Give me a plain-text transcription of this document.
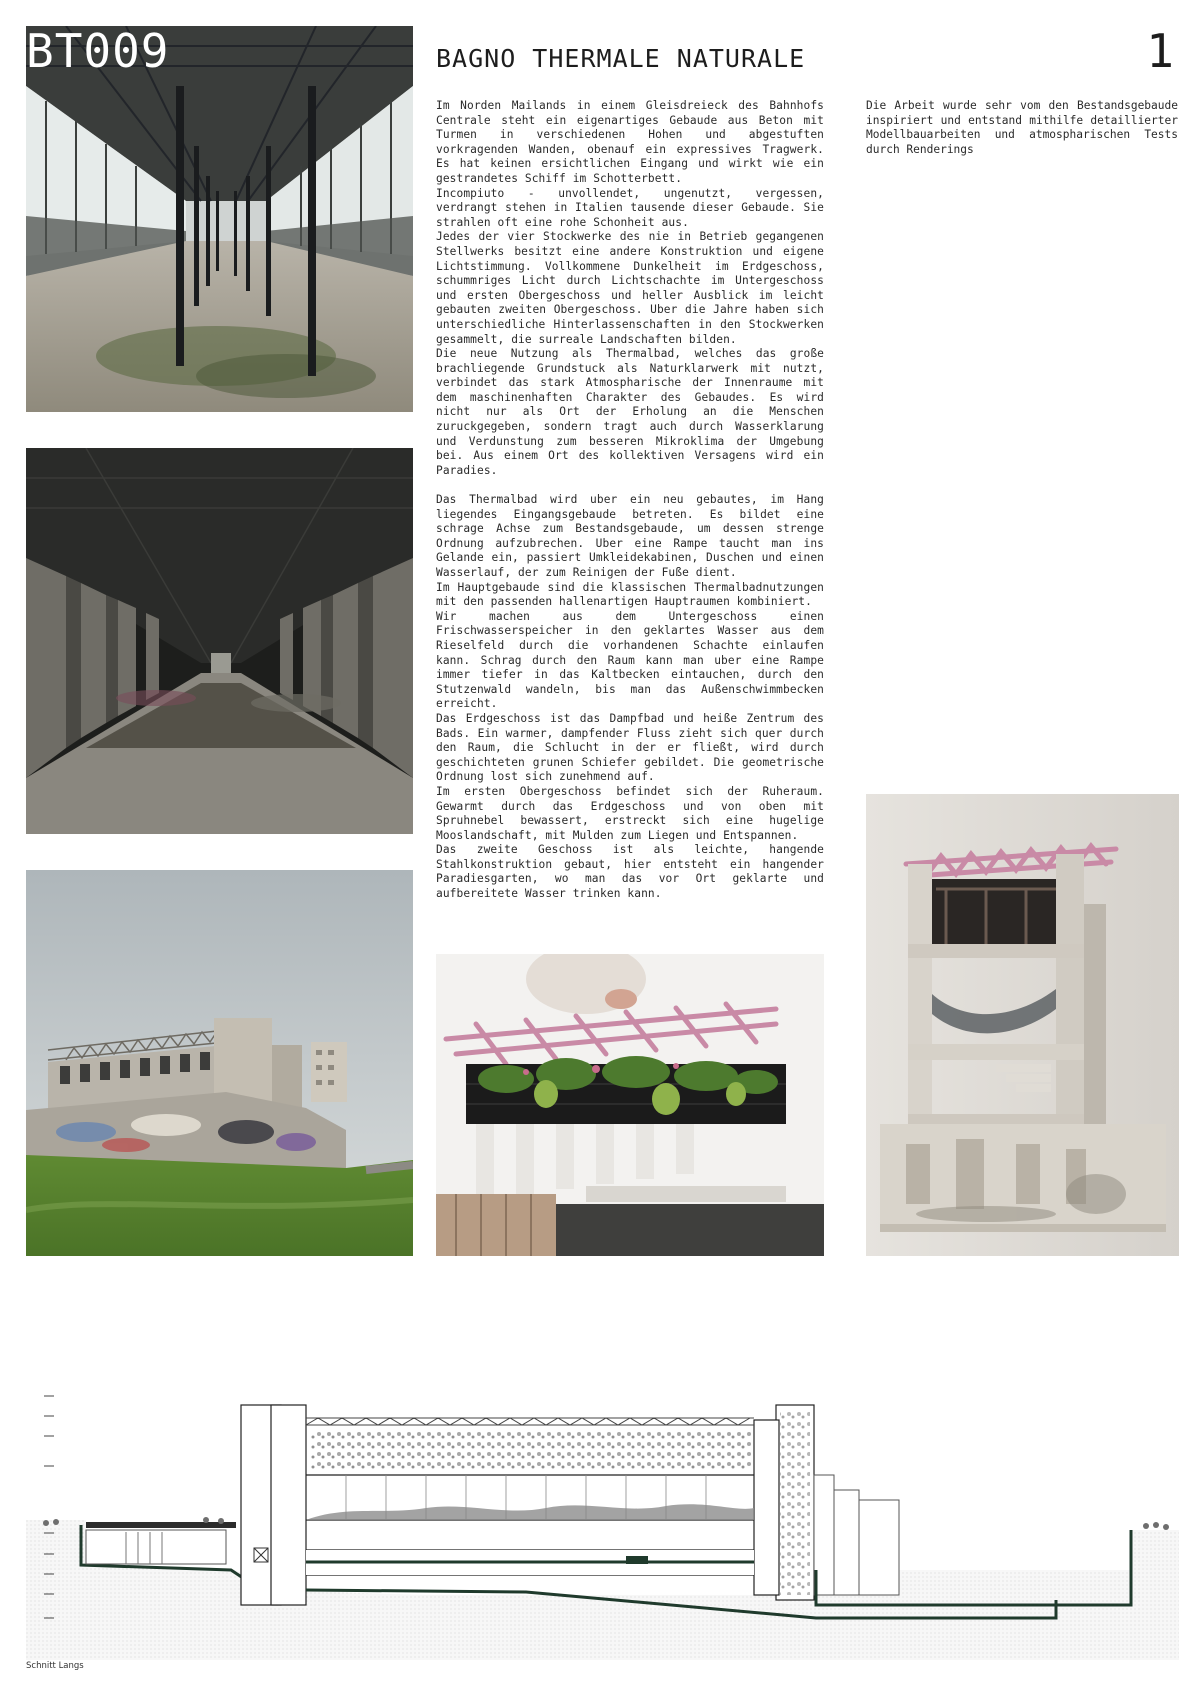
BT009	BAGNO THERMALE NATURALE	1

Im Norden Mailands in einem Gleisdreieck des Bahnhofs Centrale steht ein eigenartiges Gebaude aus Beton mit Turmen in verschiedenen Hohen und abgestuften vorkragenden Wanden, obenauf ein expressives Tragwerk. Es hat keinen ersichtlichen Eingang und wirkt wie ein gestrandetes Schiff im Schotterbett.

Incompiuto - unvollendet, ungenutzt, vergessen, verdrangt stehen in Italien tausende dieser Gebaude. Sie strahlen oft eine rohe Schonheit aus.

Jedes der vier Stockwerke des nie in Betrieb gegangenen Stellwerks besitzt eine andere Konstruktion und eigene Lichtstimmung. Vollkommene Dunkelheit im Erdgeschoss, schummriges Licht durch Lichtschachte im Untergeschoss und ersten Obergeschoss und heller Ausblick im leicht gebauten zweiten Obergeschoss. Uber die Jahre haben sich unterschiedliche Hinterlassenschaften in den Stockwerken gesammelt, die surreale Landschaften bilden.

Die neue Nutzung als Thermalbad, welches das große brachliegende Grundstuck als Naturklarwerk mit nutzt, verbindet das stark Atmospharische der Innenraume mit dem maschinenhaften Charakter des Gebaudes. Es wird nicht nur als Ort der Erholung an die Menschen zuruckgegeben, sondern tragt auch durch Wasserklarung und Verdunstung zum besseren Mikroklima der Umgebung bei. Aus einem Ort des kollektiven Versagens wird ein Paradies.

Das Thermalbad wird uber ein neu gebautes, im Hang liegendes Eingangsgebaude betreten. Es bildet eine schrage Achse zum Bestandsgebaude, um dessen strenge Ordnung aufzubrechen. Uber eine Rampe taucht man ins Gelande ein, passiert Umkleidekabinen, Duschen und einen Wasserlauf, der zum Reinigen der Fuße dient.

Im Hauptgebaude sind die klassischen Thermalbadnutzungen mit den passenden hallenartigen Hauptraumen kombiniert.

Wir machen aus dem Untergeschoss einen Frischwasserspeicher in den geklartes Wasser aus dem Rieselfeld durch die vorhandenen Schachte einlaufen kann. Schrag durch den Raum kann man uber eine Rampe immer tiefer in das Kaltbecken eintauchen, durch den Stutzenwald wandeln, bis man das Außenschwimmbecken erreicht.

Das Erdgeschoss ist das Dampfbad und heiße Zentrum des Bads. Ein warmer, dampfender Fluss zieht sich quer durch den Raum, die Schlucht in der er fließt, wird durch geschichteten grunen Schiefer gebildet. Die geometrische Ordnung lost sich zunehmend auf.

Im ersten Obergeschoss befindet sich der Ruheraum. Gewarmt durch das Erdgeschoss und von oben mit Spruhnebel bewassert, erstreckt sich eine hugelige Mooslandschaft, mit Mulden zum Liegen und Entspannen.

Das zweite Geschoss ist als leichte, hangende Stahlkonstruktion gebaut, hier entsteht ein hangender Paradiesgarten, wo man das vor Ort geklarte und aufbereitete Wasser trinken kann.

Die Arbeit wurde sehr vom den Bestandsgebaude inspiriert und entstand mithilfe detaillierter Modellbauarbeiten und atmospharischen Tests durch Renderings
Schnitt Langs
